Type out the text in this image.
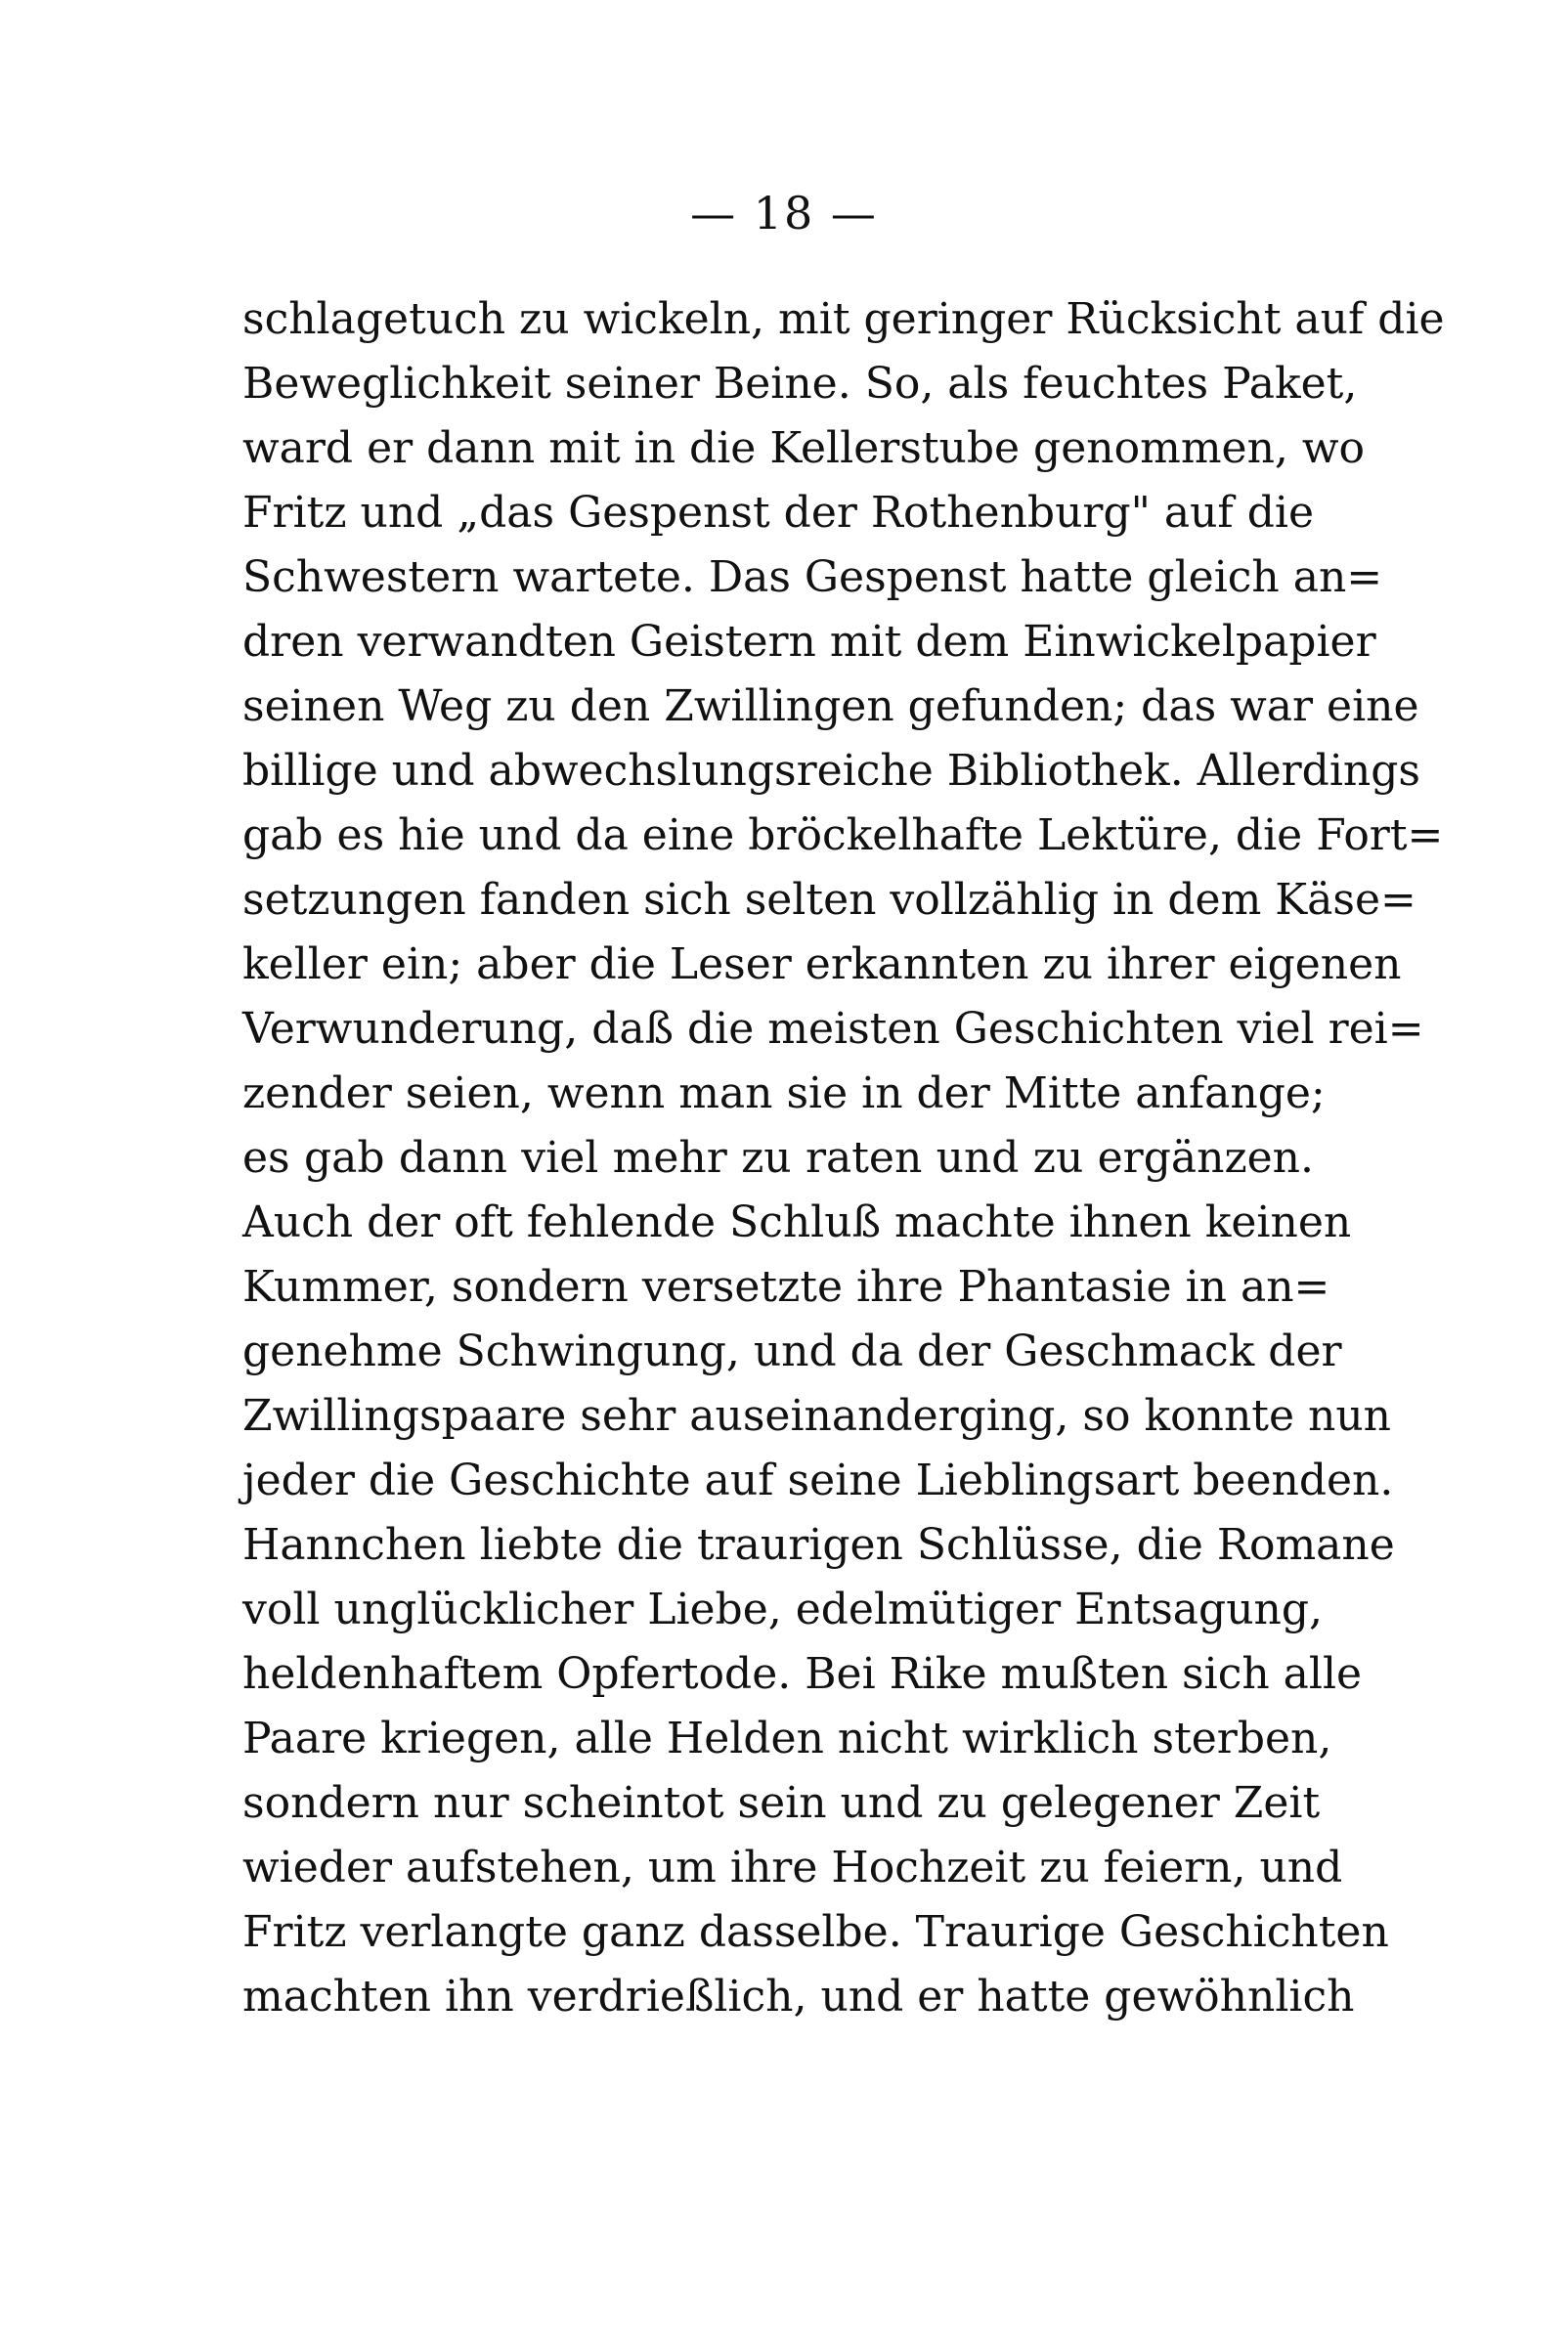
— 18 —
schlagetuch zu wickeln, mit geringer Rücksicht auf die
Beweglichkeit seiner Beine. So, als feuchtes Paket,
ward er dann mit in die Kellerstube genommen, wo
Fritz und „das Gespenst der Rothenburg" auf die
Schwestern wartete. Das Gespenst hatte gleich an=
dren verwandten Geistern mit dem Einwickelpapier
seinen Weg zu den Zwillingen gefunden; das war eine
billige und abwechslungsreiche Bibliothek. Allerdings
gab es hie und da eine bröckelhafte Lektüre, die Fort=
setzungen fanden sich selten vollzählig in dem Käse=
keller ein; aber die Leser erkannten zu ihrer eigenen
Verwunderung, daß die meisten Geschichten viel rei=
zender seien, wenn man sie in der Mitte anfange;
es gab dann viel mehr zu raten und zu ergänzen.
Auch der oft fehlende Schluß machte ihnen keinen
Kummer, sondern versetzte ihre Phantasie in an=
genehme Schwingung, und da der Geschmack der
Zwillingspaare sehr auseinanderging, so konnte nun
jeder die Geschichte auf seine Lieblingsart beenden.
Hannchen liebte die traurigen Schlüsse, die Romane
voll unglücklicher Liebe, edelmütiger Entsagung,
heldenhaftem Opfertode. Bei Rike mußten sich alle
Paare kriegen, alle Helden nicht wirklich sterben,
sondern nur scheintot sein und zu gelegener Zeit
wieder aufstehen, um ihre Hochzeit zu feiern, und
Fritz verlangte ganz dasselbe. Traurige Geschichten
machten ihn verdrießlich, und er hatte gewöhnlich
